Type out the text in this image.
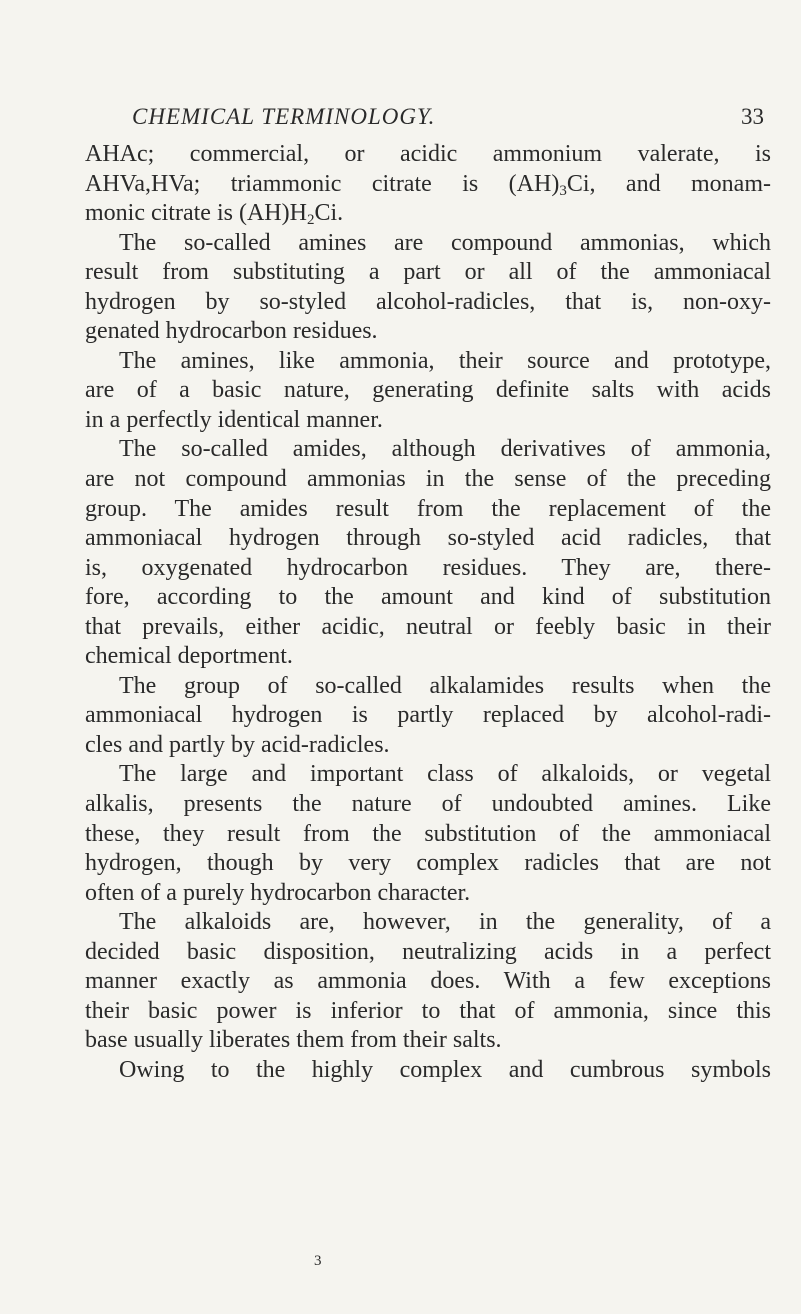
CHEMICAL TERMINOLOGY.	33
AHAc; commercial, or acidic ammonium valerate, is
AHVa,HVa; triammonic citrate is $(AH)_3Ci$, and monam-
monic citrate is $(AH)H_2Ci$.
The so-called amines are compound ammonias, which
result from substituting a part or all of the ammoniacal
hydrogen by so-styled alcohol-radicles, that is, non-oxy-
genated hydrocarbon residues.
The amines, like ammonia, their source and prototype,
are of a basic nature, generating definite salts with acids
in a perfectly identical manner.
The so-called amides, although derivatives of ammonia,
are not compound ammonias in the sense of the preceding
group. The amides result from the replacement of the
ammoniacal hydrogen through so-styled acid radicles, that
is, oxygenated hydrocarbon residues. They are, there-
fore, according to the amount and kind of substitution
that prevails, either acidic, neutral or feebly basic in their
chemical deportment.
The group of so-called alkalamides results when the
ammoniacal hydrogen is partly replaced by alcohol-radi-
cles and partly by acid-radicles.
The large and important class of alkaloids, or vegetal
alkalis, presents the nature of undoubted amines. Like
these, they result from the substitution of the ammoniacal
hydrogen, though by very complex radicles that are not
often of a purely hydrocarbon character.
The alkaloids are, however, in the generality, of a
decided basic disposition, neutralizing acids in a perfect
manner exactly as ammonia does. With a few exceptions
their basic power is inferior to that of ammonia, since this
base usually liberates them from their salts.
Owing to the highly complex and cumbrous symbols
3
